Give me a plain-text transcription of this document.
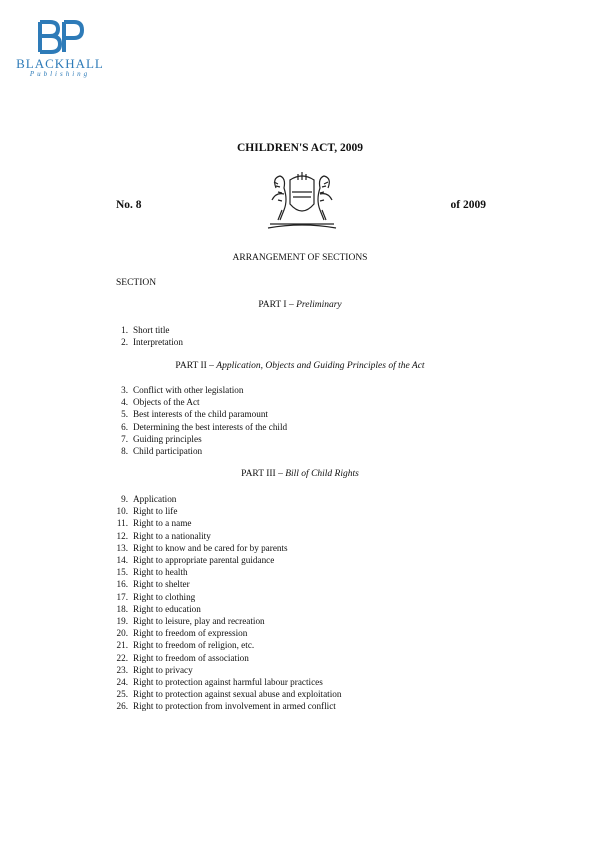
BLACKHALL
Publishing
CHILDREN'S ACT, 2009
No. 8	of 2009
ARRANGEMENT OF SECTIONS
SECTION
PART I – Preliminary
1. Short title
2. Interpretation
PART II – Application, Objects and Guiding Principles of the Act
3. Conflict with other legislation
4. Objects of the Act
5. Best interests of the child paramount
6. Determining the best interests of the child
7. Guiding principles
8. Child participation
PART III – Bill of Child Rights
9. Application
10. Right to life
11. Right to a name
12. Right to a nationality
13. Right to know and be cared for by parents
14. Right to appropriate parental guidance
15. Right to health
16. Right to shelter
17. Right to clothing
18. Right to education
19. Right to leisure, play and recreation
20. Right to freedom of expression
21. Right to freedom of religion, etc.
22. Right to freedom of association
23. Right to privacy
24. Right to protection against harmful labour practices
25. Right to protection against sexual abuse and exploitation
26. Right to protection from involvement in armed conflict
